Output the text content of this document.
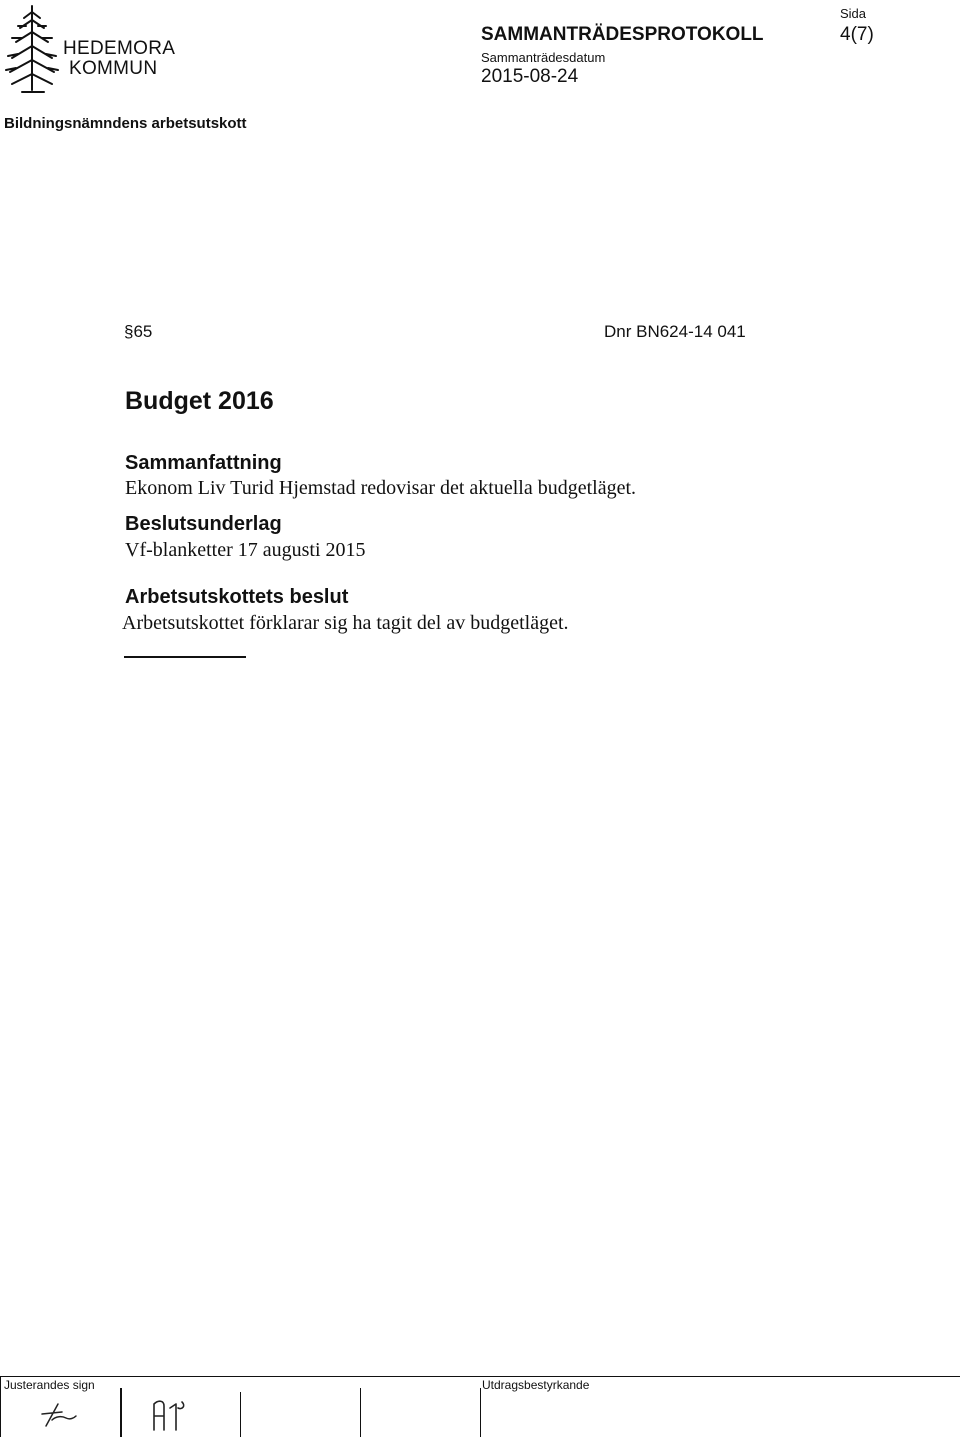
HEDEMORA
KOMMUN
SAMMANTRÄDESPROTOKOLL
Sammanträdesdatum
2015-08-24
Sida
4(7)
Bildningsnämndens arbetsutskott
§65	Dnr BN624-14 041
Budget 2016
Sammanfattning
Ekonom Liv Turid Hjemstad redovisar det aktuella budgetläget.
Beslutsunderlag
Vf-blanketter 17 augusti 2015
Arbetsutskottets beslut
Arbetsutskottet förklarar sig ha tagit del av budgetläget.
Justerandes sign	Utdragsbestyrkande
